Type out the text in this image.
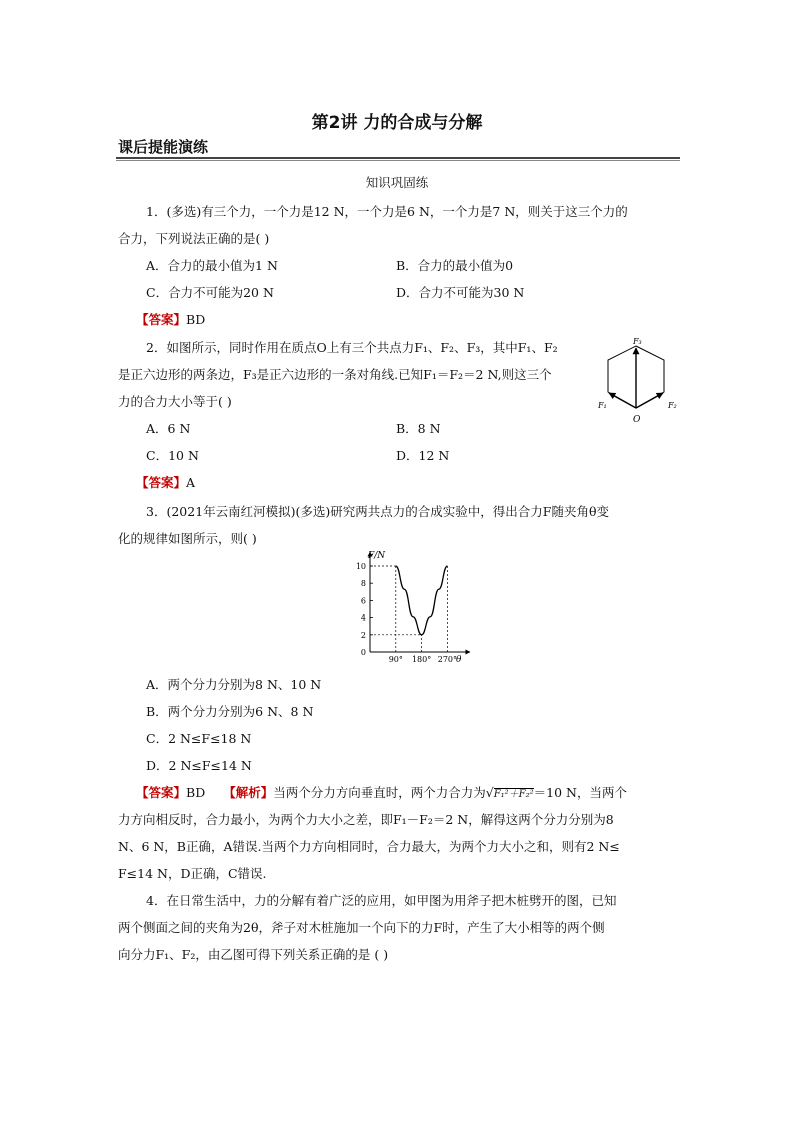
第2讲 力的合成与分解
课后提能演练
知识巩固练
1．(多选)有三个力，一个力是12 N，一个力是6 N，一个力是7 N，则关于这三个力的
合力，下列说法正确的是( )
A．合力的最小值为1 N	B．合力的最小值为0
C．合力不可能为20 N	D．合力不可能为30 N
【答案】BD
2．如图所示，同时作用在质点O上有三个共点力F₁、F₂、F₃，其中F₁、F₂
是正六边形的两条边，F₃是正六边形的一条对角线.已知F₁＝F₂＝2 N,则这三个
力的合力大小等于( )
A．6 N	B．8 N
C．10 N	D．12 N
【答案】A
F₃
F₁	F₂
O
3．(2021年云南红河模拟)(多选)研究两共点力的合成实验中，得出合力F随夹角θ变
化的规律如图所示，则( )
F/N
θ
0
2
4
6
8
10
90° 180° 270°
A．两个分力分别为8 N、10 N
B．两个分力分别为6 N、8 N
C．2 N≤F≤18 N
D．2 N≤F≤14 N
【答案】BD 【解析】当两个分力方向垂直时，两个力合力为√F₁²＋F₂²＝10 N，当两个
力方向相反时，合力最小，为两个力大小之差，即F₁－F₂＝2 N，解得这两个分力分别为8
N、6 N，B正确，A错误.当两个力方向相同时，合力最大，为两个力大小之和，则有2 N≤
F≤14 N，D正确，C错误.
4．在日常生活中，力的分解有着广泛的应用，如甲图为用斧子把木桩劈开的图，已知
两个侧面之间的夹角为2θ，斧子对木桩施加一个向下的力F时，产生了大小相等的两个侧
向分力F₁、F₂，由乙图可得下列关系正确的是 ( )
